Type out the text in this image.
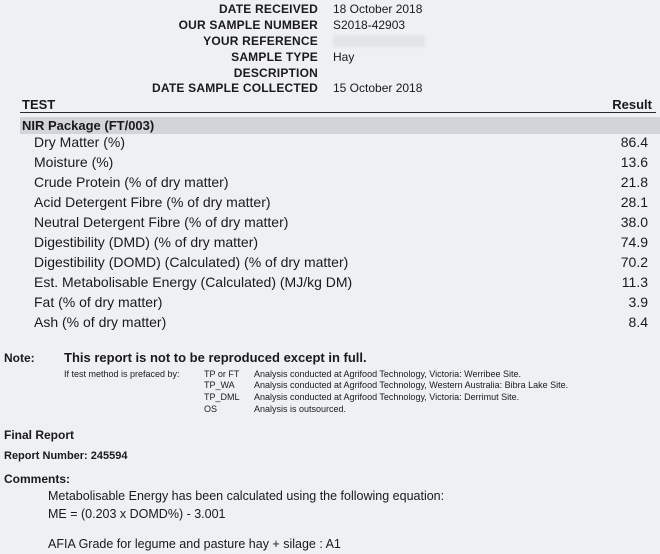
DATE RECEIVED 18 October 2018
OUR SAMPLE NUMBER S2018-42903
YOUR REFERENCE
SAMPLE TYPE Hay
DESCRIPTION
DATE SAMPLE COLLECTED 15 October 2018
TEST	Result
NIR Package (FT/003)
Dry Matter (%)	86.4
Moisture (%)	13.6
Crude Protein (% of dry matter)	21.8
Acid Detergent Fibre (% of dry matter)	28.1
Neutral Detergent Fibre (% of dry matter)	38.0
Digestibility (DMD) (% of dry matter)	74.9
Digestibility (DOMD) (Calculated) (% of dry matter)	70.2
Est. Metabolisable Energy (Calculated) (MJ/kg DM)	11.3
Fat (% of dry matter)	3.9
Ash (% of dry matter)	8.4
Note: This report is not to be reproduced except in full.
If test method is prefaced by:	TP or FT Analysis conducted at Agrifood Technology, Victoria: Werribee Site.
TP_WA Analysis conducted at Agrifood Technology, Western Australia: Bibra Lake Site.
TP_DML Analysis conducted at Agrifood Technology, Victoria: Derrimut Site.
OS	Analysis is outsourced.
Final Report
Report Number: 245594
Comments:
Metabolisable Energy has been calculated using the following equation:
ME = (0.203 x DOMD%) - 3.001
AFIA Grade for legume and pasture hay + silage : A1
